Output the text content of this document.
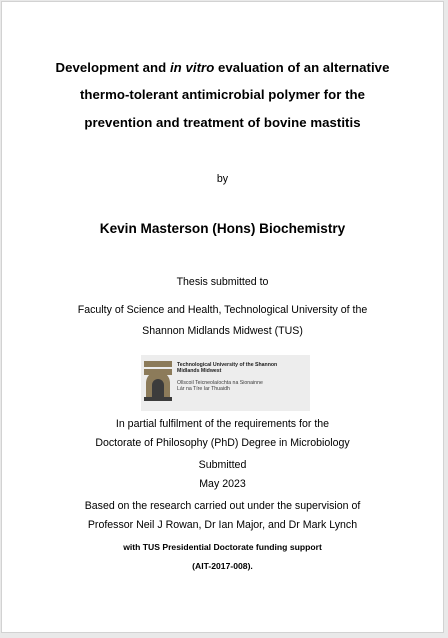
Development and in vitro evaluation of an alternative
thermo-tolerant antimicrobial polymer for the
prevention and treatment of bovine mastitis
by
Kevin Masterson (Hons) Biochemistry
Thesis submitted to
Faculty of Science and Health, Technological University of the
Shannon Midlands Midwest (TUS)
Technological University of the Shannon
Midlands Midwest
Ollscoil Teicneolaíochta na Sionainne
Lár na Tíre Iar Thuaidh
In partial fulfilment of the requirements for the
Doctorate of Philosophy (PhD) Degree in Microbiology
Submitted
May 2023
Based on the research carried out under the supervision of
Professor Neil J Rowan, Dr Ian Major, and Dr Mark Lynch
with TUS Presidential Doctorate funding support
(AIT-2017-008).
